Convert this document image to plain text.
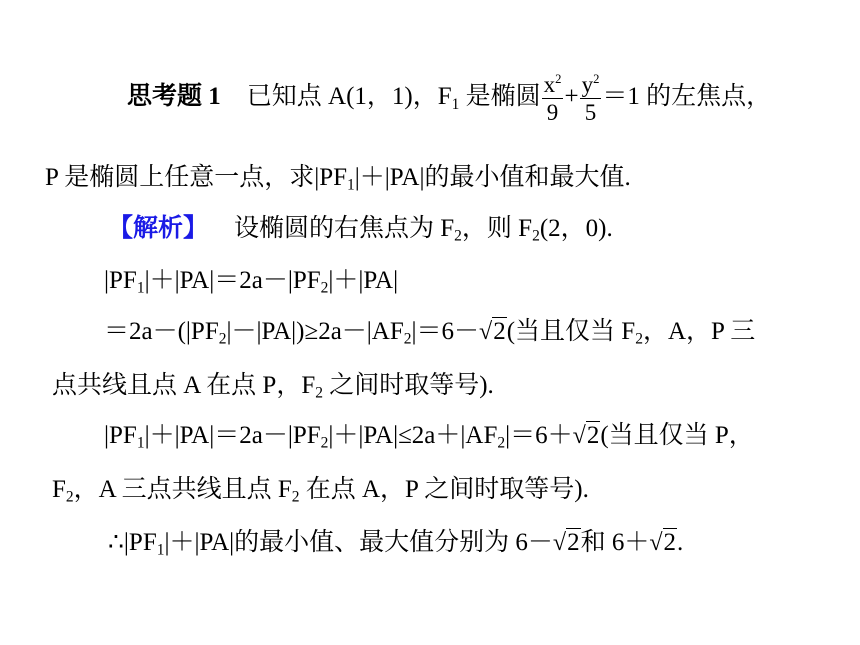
思考题 1 已知点 A(1，1)，$F_1$ 是椭圆 $\frac{x^2}{9} + \frac{y^2}{5} =1$ 的左焦点，
P 是椭圆上任意一点，求$|PF_1|+|PA|$的最小值和最大值.
【解析】 设椭圆的右焦点为 $F_2$，则 $F_2(2$，0).
$|PF_1|+|PA|=2a-|PF_2|+|PA|$
$=2a-(|PF_2|-|PA|)\ge 2a-|AF_2|=6-√2$(当且仅当 $F_2$，A，P 三
点共线且点 A 在点 P，$F_2$ 之间时取等号).
$|PF_1|+|PA|=2a-|PF_2|+|PA|\le 2a+|AF_2|=6+√2$(当且仅当 P，
$F_2$，A 三点共线且点 $F_2$ 在点 A，P 之间时取等号).
$\therefore|PF_1|+|PA|$的最小值、最大值分别为 6－√2和 6＋√2.
